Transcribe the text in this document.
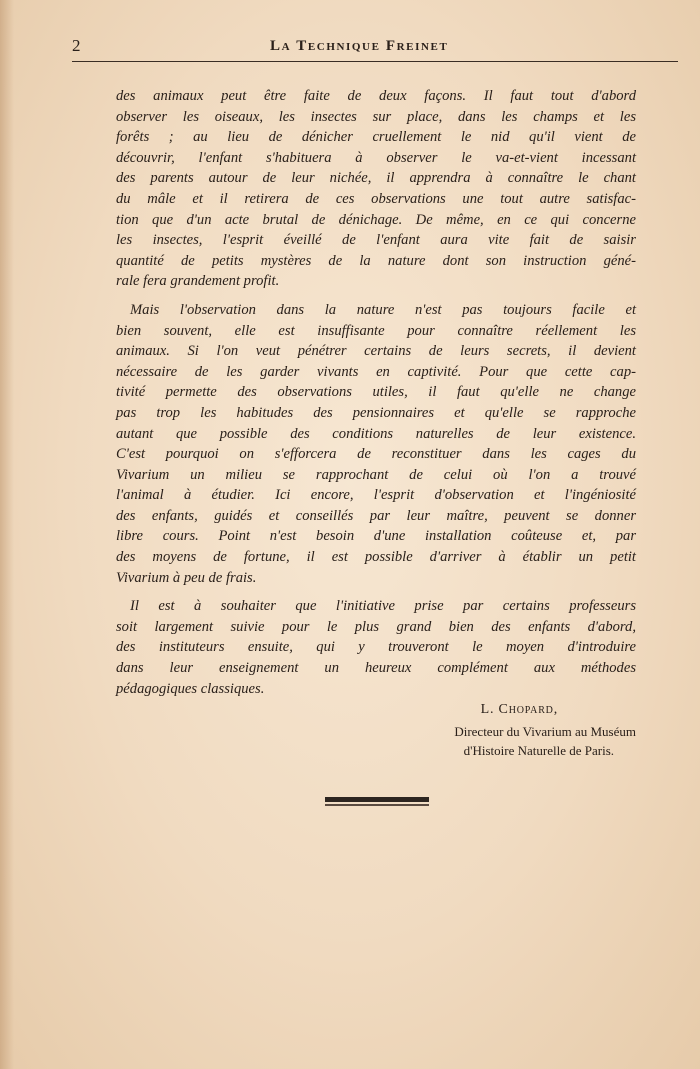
2	La Technique Freinet

des animaux peut être faite de deux façons. Il faut tout d'abord
observer les oiseaux, les insectes sur place, dans les champs et les
forêts ; au lieu de dénicher cruellement le nid qu'il vient de
découvrir, l'enfant s'habituera à observer le va-et-vient incessant
des parents autour de leur nichée, il apprendra à connaître le chant
du mâle et il retirera de ces observations une tout autre satisfac-
tion que d'un acte brutal de dénichage. De même, en ce qui concerne
les insectes, l'esprit éveillé de l'enfant aura vite fait de saisir
quantité de petits mystères de la nature dont son instruction géné-
rale fera grandement profit.

Mais l'observation dans la nature n'est pas toujours facile et
bien souvent, elle est insuffisante pour connaître réellement les
animaux. Si l'on veut pénétrer certains de leurs secrets, il devient
nécessaire de les garder vivants en captivité. Pour que cette cap-
tivité permette des observations utiles, il faut qu'elle ne change
pas trop les habitudes des pensionnaires et qu'elle se rapproche
autant que possible des conditions naturelles de leur existence.
C'est pourquoi on s'efforcera de reconstituer dans les cages du
Vivarium un milieu se rapprochant de celui où l'on a trouvé
l'animal à étudier. Ici encore, l'esprit d'observation et l'ingéniosité
des enfants, guidés et conseillés par leur maître, peuvent se donner
libre cours. Point n'est besoin d'une installation coûteuse et, par
des moyens de fortune, il est possible d'arriver à établir un petit
Vivarium à peu de frais.

Il est à souhaiter que l'initiative prise par certains professeurs
soit largement suivie pour le plus grand bien des enfants d'abord,
des instituteurs ensuite, qui y trouveront le moyen d'introduire
dans leur enseignement un heureux complément aux méthodes
pédagogiques classiques.

L. Chopard,
Directeur du Vivarium au Muséum
d'Histoire Naturelle de Paris.
